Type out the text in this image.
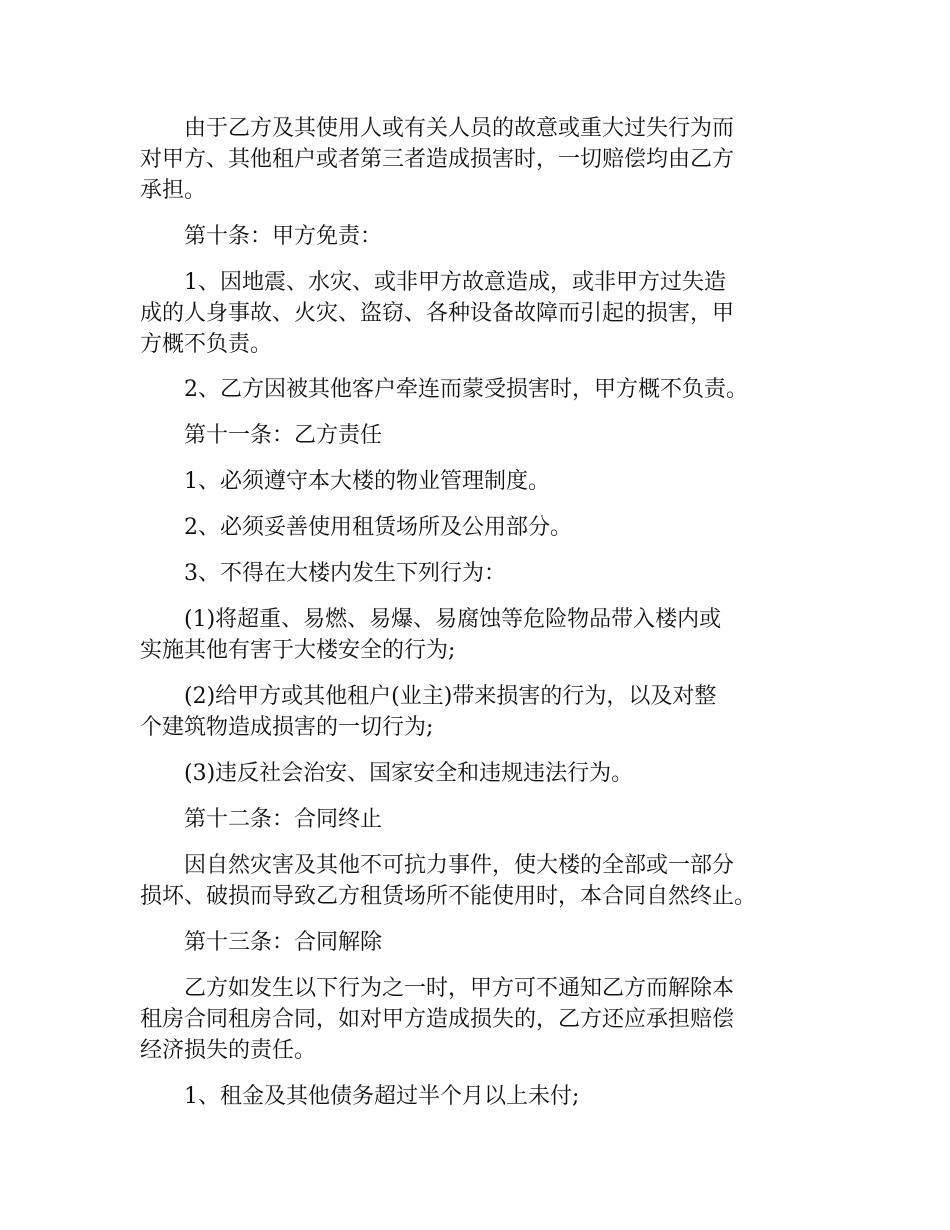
由于乙方及其使用人或有关人员的故意或重大过失行为而
对甲方、其他租户或者第三者造成损害时，一切赔偿均由乙方
承担。

第十条：甲方免责：

1、因地震、水灾、或非甲方故意造成，或非甲方过失造
成的人身事故、火灾、盗窃、各种设备故障而引起的损害，甲
方概不负责。

2、乙方因被其他客户牵连而蒙受损害时，甲方概不负责。

第十一条：乙方责任

1、必须遵守本大楼的物业管理制度。

2、必须妥善使用租赁场所及公用部分。

3、不得在大楼内发生下列行为：

(1)将超重、易燃、易爆、易腐蚀等危险物品带入楼内或
实施其他有害于大楼安全的行为;

(2)给甲方或其他租户(业主)带来损害的行为，以及对整
个建筑物造成损害的一切行为;

(3)违反社会治安、国家安全和违规违法行为。

第十二条：合同终止

因自然灾害及其他不可抗力事件，使大楼的全部或一部分
损坏、破损而导致乙方租赁场所不能使用时，本合同自然终止。

第十三条：合同解除

乙方如发生以下行为之一时，甲方可不通知乙方而解除本
租房合同租房合同，如对甲方造成损失的，乙方还应承担赔偿
经济损失的责任。

1、租金及其他债务超过半个月以上未付;
